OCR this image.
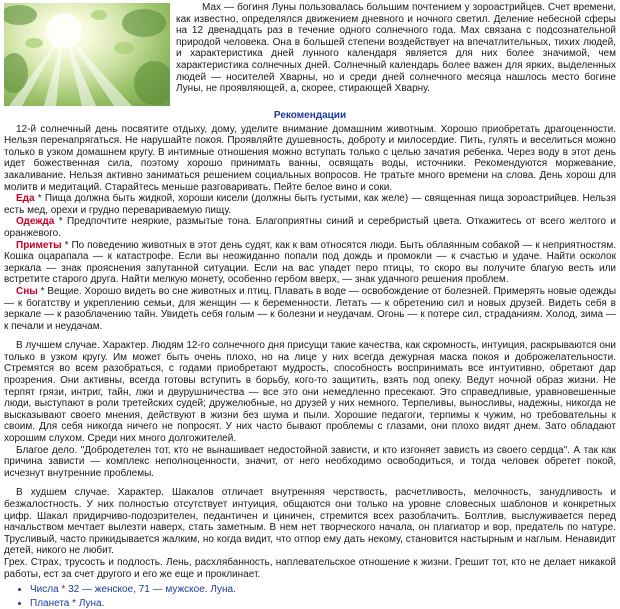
Мах — богиня Луны пользовалась большим почтением у зороастрийцев. Счет времени, как известно, определялся движением дневного и ночного светил. Деление небесной сферы на 12 двенадцать раз в течение одного солнечного года. Мах связана с подсознательной природой человека. Она в большей степени воздействует на впечатлительных, тихих людей, и характеристика дней лунного календаря является для них более значимой, чем характеристика солнечных дней. Солнечный календарь более важен для ярких, выделенных людей — носителей Хварны, но и среди дней солнечного месяца нашлось место богине Луны, не проявляющей, а, скорее, стирающей Хварну.

Рекомендации

12-й солнечный день посвятите отдыху, дому, уделите внимание домашним животным. Хорошо приобретать драгоценности. Нельзя перенапрягаться. Не нарушайте покоя. Проявляйте душевность, доброту и милосердие. Пить, гулять и веселиться можно только в узком домашнем кругу. В интимные отношения можно вступать только с целью зачатия ребенка. Через воду в этот день идет божественная сила, поэтому хорошо принимать ванны, освящать воды, источники. Рекомендуются моржевание, закаливание. Нельзя активно заниматься решением социальных вопросов. Не тратьте много времени на слова. День хорош для молитв и медитаций. Старайтесь меньше разговаривать. Пейте белое вино и соки.

Еда * Пища должна быть жидкой, хороши кисели (должны быть густыми, как желе) — священная пища зороастрийцев. Нельзя есть мед, орехи и грудно перевариваемую пищу.

Одежда * Предпочтите неяркие, размытые тона. Благоприятны синий и серебристый цвета. Откажитесь от всего желтого и оранжевого.

Приметы * По поведению животных в этот день судят, как к вам относятся люди. Быть облаянным собакой — к неприятностям. Кошка оцарапала — к катастрофе. Если вы неожиданно попали под дождь и промокли — к счастью и удаче. Найти осколок зеркала — знак прояснения запутанной ситуации. Если на вас упадет перо птицы, то скоро вы получите благую весть или встретите старого друга. Найти мелкую монету, особенно гербом вверх, — знак удачного решения проблем.

Сны * Вещие. Хорошо видеть во сне животных и птиц. Плавать в воде — освобождение от болезней. Примерять новые одежды — к богатству и укреплению семьи, для женщин — к беременности. Летать — к обретению сил и новых друзей. Видеть себя в зеркале — к разоблачению тайн. Увидеть себя голым — к болезни и неудачам. Огонь — к потере сил, страданиям. Холод, зима — к печали и неудачам.

В лучшем случае. Характер. Людям 12-го солнечного дня присущи такие качества, как скромность, интуиция, раскрываются они только в узком кругу. Им может быть очень плохо, но на лице у них всегда дежурная маска покоя и доброжелательности. Стремятся во всем разобраться, с годами приобретают мудрость, способность воспринимать все интуитивно, обретают дар прозрения. Они активны, всегда готовы вступить в борьбу, кого-то защитить, взять под опеку. Ведут ночной образ жизни. Не терпят грязи, интриг, тайн, лжи и двурушничества — все это они немедленно пресекают. Это справедливые, уравновешенные люди, выступают в роли третейских судей; дружелюбные, но друзей у них немного. Терпеливы, выносливы, надежны, никогда не высказывают своего мнения, действуют в жизни без шума и пыли. Хорошие педагоги, терпимы к чужим, но требовательны к своим. Для себя никогда ничего не попросят. У них часто бывают проблемы с глазами, они плохо видят днем. Зато обладают хорошим слухом. Среди них много долгожителей.

Благое дело. "Добродетелен тот, кто не вынашивает недостойной зависти, и кто изгоняет зависть из своего сердца". А так как причина зависти — комплекс неполноценности, значит, от него необходимо освободиться, и тогда человек обретет покой, исчезнут внутренние проблемы.

В худшем случае. Характер. Шакалов отличает внутренняя черствость, расчетливость, мелочность, занудливость и безжалостность. У них полностью отсутствует интуиция, общаются они только на уровне словесных шаблонов и конкретных цифр. Шакал придирчиво-подозрителен, педантичен и циничен, стремится всех разоблачить. Болтлив, выслуживается перед начальством мечтает вылезти наверх, стать заметным. В нем нет творческого начала, он плагиатор и вор, предатель по натуре. Трусливый, часто прикидывается жалким, но когда видит, что отпор ему дать некому, становится настырным и наглым. Ненавидит детей, никого не любит.

Грех. Страх, трусость и подлость. Лень, расхлябанность, наплевательское отношение к жизни. Грешит тот, кто не делает никакой работы, ест за счет другого и его же еще и проклинает.

• Числа * 32 — женское, 71 — мужское. Луна.
• Планета * Луна.
